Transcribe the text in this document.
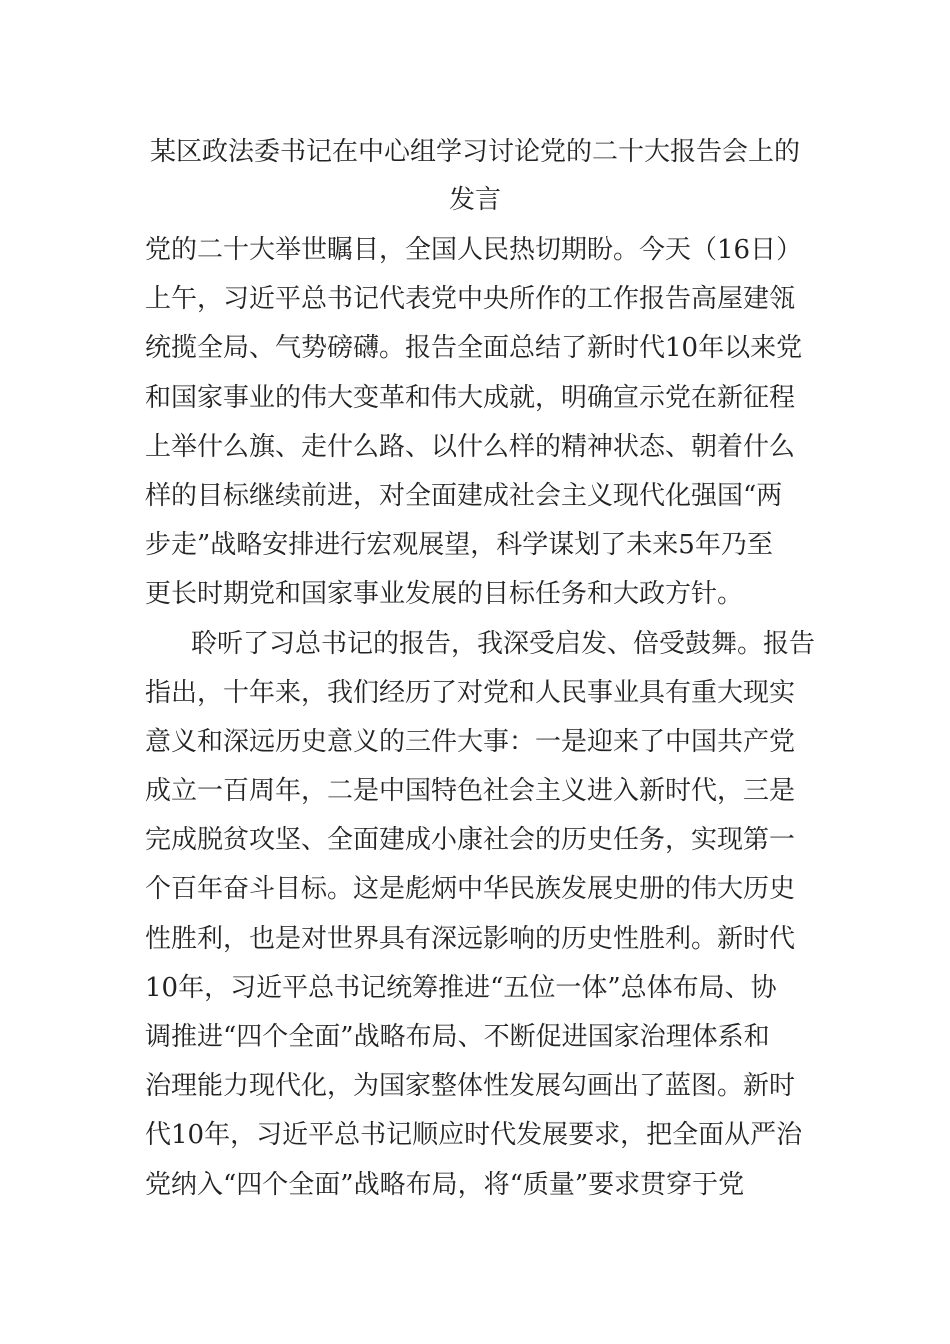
某区政法委书记在中心组学习讨论党的二十大报告会上的
发言
党的二十大举世瞩目，全国人民热切期盼。今天（16日）
上午，习近平总书记代表党中央所作的工作报告高屋建瓴
统揽全局、气势磅礴。报告全面总结了新时代10年以来党
和国家事业的伟大变革和伟大成就，明确宣示党在新征程
上举什么旗、走什么路、以什么样的精神状态、朝着什么
样的目标继续前进，对全面建成社会主义现代化强国“两
步走”战略安排进行宏观展望，科学谋划了未来5年乃至
更长时期党和国家事业发展的目标任务和大政方针。
聆听了习总书记的报告，我深受启发、倍受鼓舞。报告
指出，十年来，我们经历了对党和人民事业具有重大现实
意义和深远历史意义的三件大事：一是迎来了中国共产党
成立一百周年，二是中国特色社会主义进入新时代，三是
完成脱贫攻坚、全面建成小康社会的历史任务，实现第一
个百年奋斗目标。这是彪炳中华民族发展史册的伟大历史
性胜利，也是对世界具有深远影响的历史性胜利。新时代
10年，习近平总书记统筹推进“五位一体”总体布局、协
调推进“四个全面”战略布局、不断促进国家治理体系和
治理能力现代化，为国家整体性发展勾画出了蓝图。新时
代10年，习近平总书记顺应时代发展要求，把全面从严治
党纳入“四个全面”战略布局，将“质量”要求贯穿于党
